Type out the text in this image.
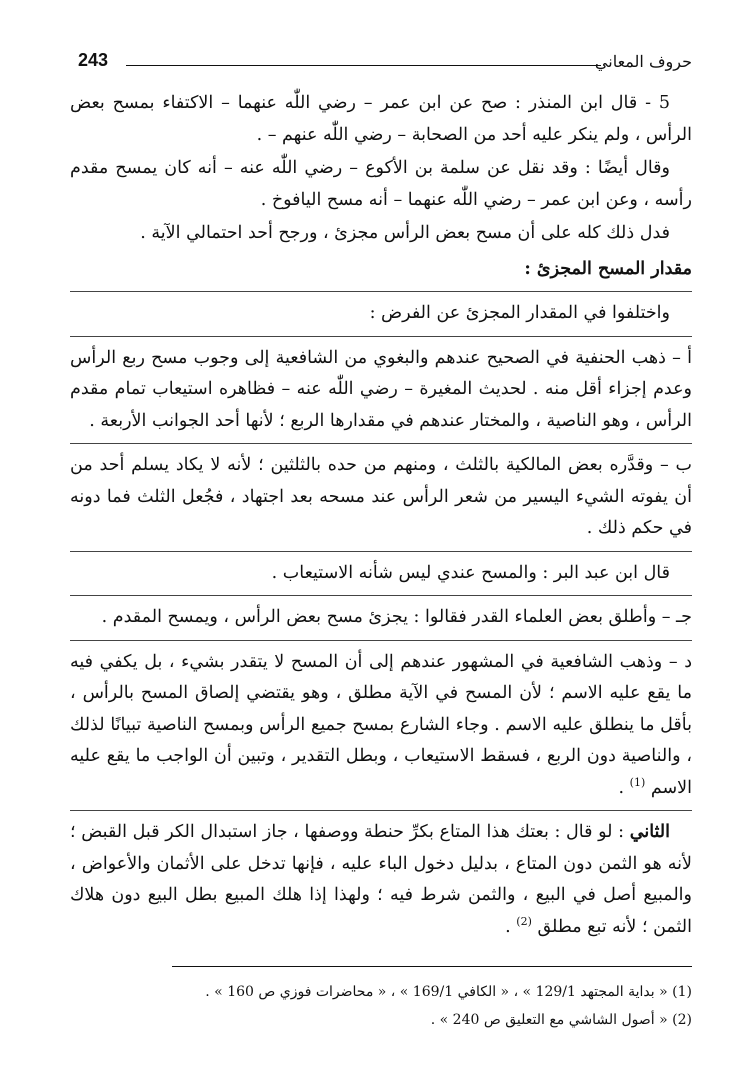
243	حروف المعاني

5 - قال ابن المنذر : صح عن ابن عمر – رضي اللّٰه عنهما – الاكتفاء بمسح بعض الرأس ، ولم ينكر عليه أحد من الصحابة – رضي اللّٰه عنهم – .

وقال أيضًا : وقد نقل عن سلمة بن الأكوع – رضي اللّٰه عنه – أنه كان يمسح مقدم رأسه ، وعن ابن عمر – رضي اللّٰه عنهما – أنه مسح اليافوخ .

فدل ذلك كله على أن مسح بعض الرأس مجزئ ، ورجح أحد احتمالي الآية .

مقدار المسح المجزئ :

واختلفوا في المقدار المجزئ عن الفرض :

أ – ذهب الحنفية في الصحيح عندهم والبغوي من الشافعية إلى وجوب مسح ربع الرأس وعدم إجزاء أقل منه . لحديث المغيرة – رضي اللّٰه عنه – فظاهره استيعاب تمام مقدم الرأس ، وهو الناصية ، والمختار عندهم في مقدارها الربع ؛ لأنها أحد الجوانب الأربعة .

ب – وقدَّره بعض المالكية بالثلث ، ومنهم من حده بالثلثين ؛ لأنه لا يكاد يسلم أحد من أن يفوته الشيء اليسير من شعر الرأس عند مسحه بعد اجتهاد ، فجُعل الثلث فما دونه في حكم ذلك .

قال ابن عبد البر : والمسح عندي ليس شأنه الاستيعاب .

جـ – وأطلق بعض العلماء القدر فقالوا : يجزئ مسح بعض الرأس ، ويمسح المقدم .

د – وذهب الشافعية في المشهور عندهم إلى أن المسح لا يتقدر بشيء ، بل يكفي فيه ما يقع عليه الاسم ؛ لأن المسح في الآية مطلق ، وهو يقتضي إلصاق المسح بالرأس ، بأقل ما ينطلق عليه الاسم . وجاء الشارع بمسح جميع الرأس وبمسح الناصية تبيانًا لذلك ، والناصية دون الربع ، فسقط الاستيعاب ، وبطل التقدير ، وتبين أن الواجب ما يقع عليه الاسم $^{(1)}$ .

الثاني : لو قال : بعتك هذا المتاع بكرِّ حنطة ووصفها ، جاز استبدال الكر قبل القبض ؛ لأنه هو الثمن دون المتاع ، بدليل دخول الباء عليه ، فإنها تدخل على الأثمان والأعواض ، والمبيع أصل في البيع ، والثمن شرط فيه ؛ ولهذا إذا هلك المبيع بطل البيع دون هلاك الثمن ؛ لأنه تبع مطلق $^{(2)}$ .

(1) « بداية المجتهد 129/1 » ، « الكافي 169/1 » ، « محاضرات فوزي ص 160 » .

(2) « أصول الشاشي مع التعليق ص 240 » .
